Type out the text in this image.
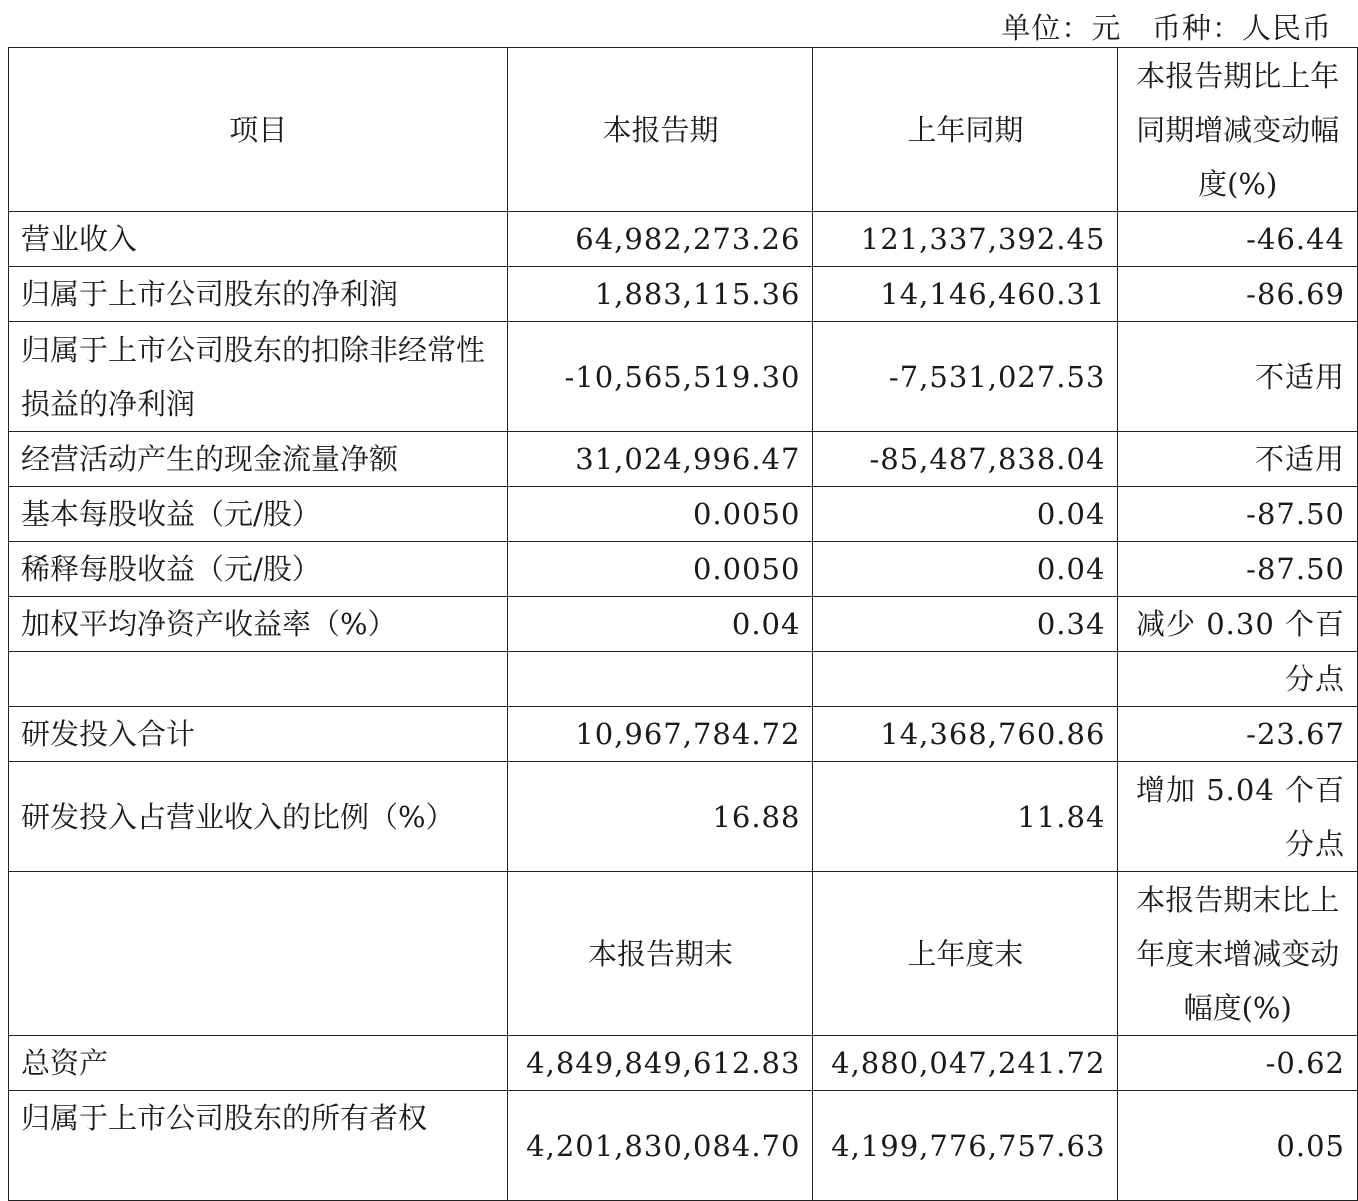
单位：元 币种：人民币
项目	本报告期	上年同期	本报告期比上年同期增减变动幅度(%)
营业收入	64,982,273.26	121,337,392.45	-46.44
归属于上市公司股东的净利润	1,883,115.36	14,146,460.31	-86.69
归属于上市公司股东的扣除非经常性损益的净利润	-10,565,519.30	-7,531,027.53	不适用
经营活动产生的现金流量净额	31,024,996.47	-85,487,838.04	不适用
基本每股收益（元/股）	0.0050	0.04	-87.50
稀释每股收益（元/股）	0.0050	0.04	-87.50
加权平均净资产收益率（%）	0.04	0.34	减少 0.30 个百
			分点
研发投入合计	10,967,784.72	14,368,760.86	-23.67
研发投入占营业收入的比例（%）	16.88	11.84	增加 5.04 个百分点
	本报告期末	上年度末	本报告期末比上年度末增减变动幅度(%)
总资产	4,849,849,612.83	4,880,047,241.72	-0.62
归属于上市公司股东的所有者权	4,201,830,084.70	4,199,776,757.63	0.05
